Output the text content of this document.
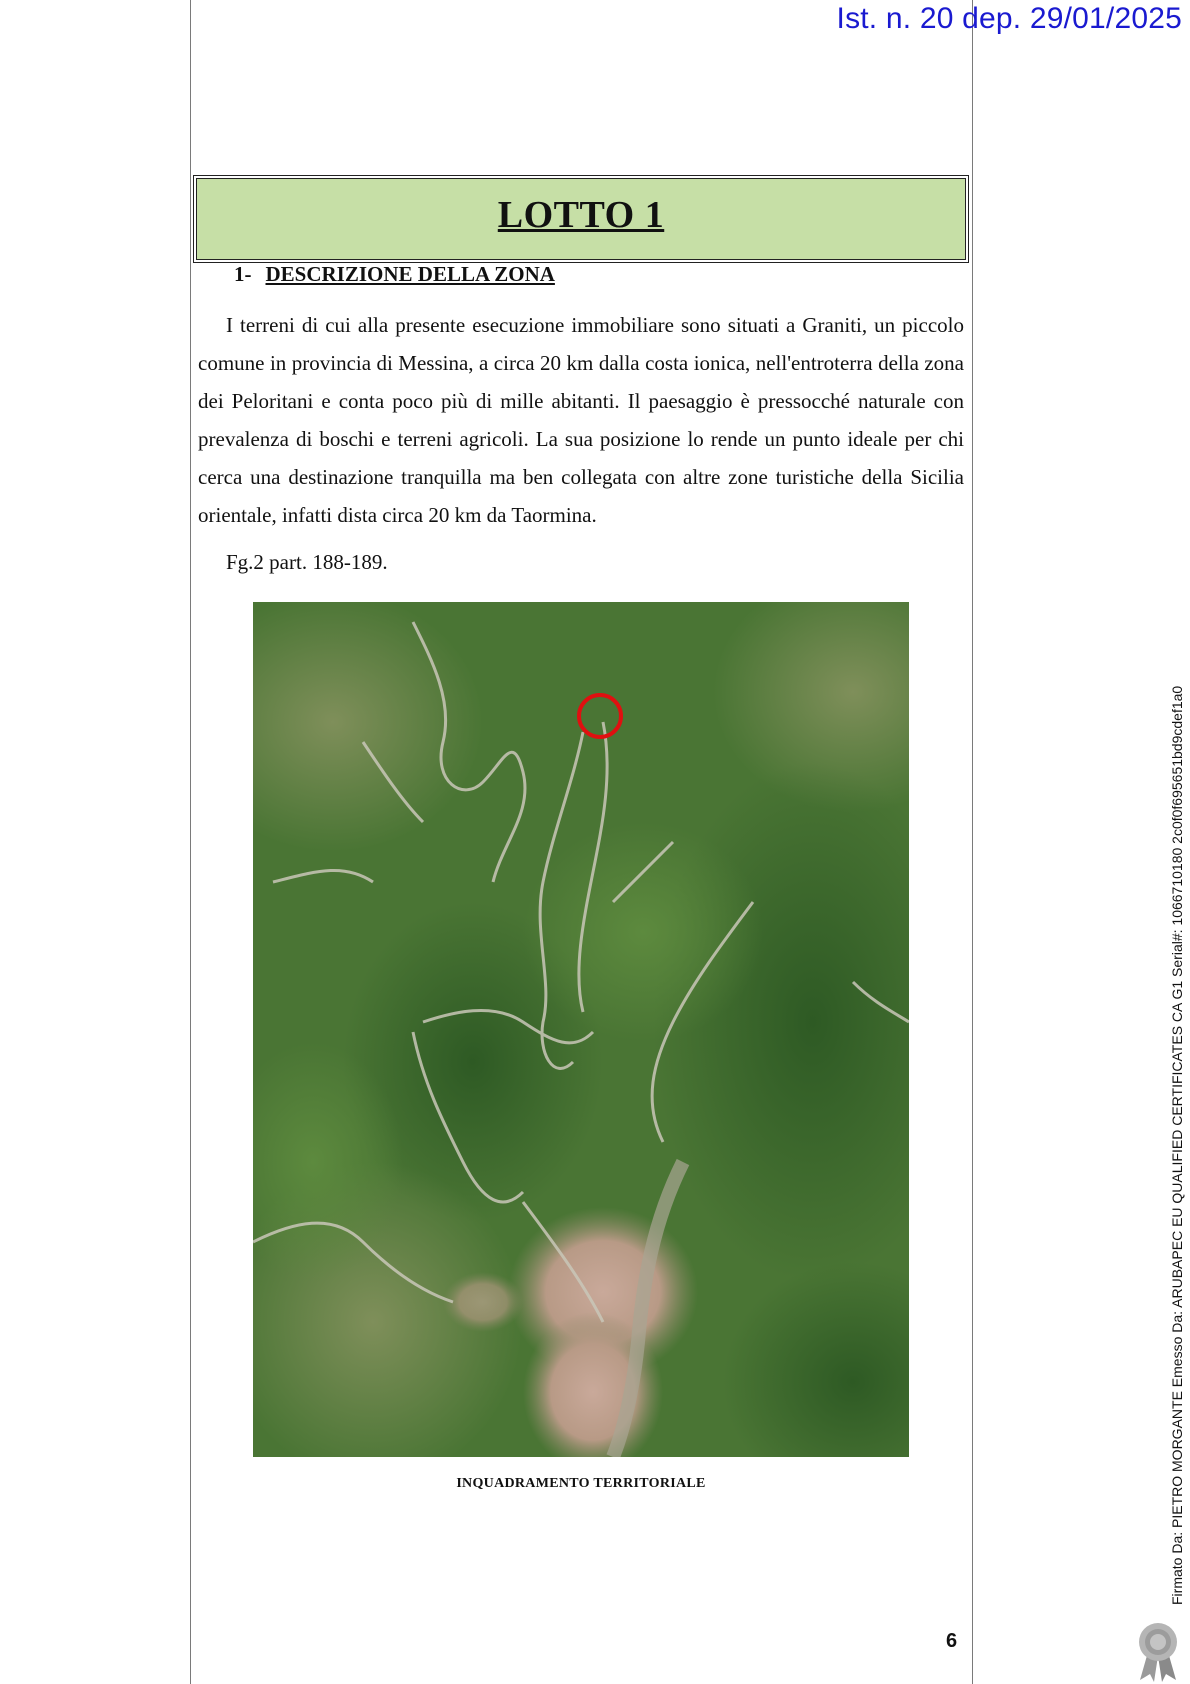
Ist. n. 20 dep. 29/01/2025
LOTTO 1
1- DESCRIZIONE DELLA ZONA

I terreni di cui alla presente esecuzione immobiliare sono situati a Graniti, un piccolo comune in provincia di Messina, a circa 20 km dalla costa ionica, nell'entroterra della zona dei Peloritani e conta poco più di mille abitanti. Il paesaggio è pressocché naturale con prevalenza di boschi e terreni agricoli. La sua posizione lo rende un punto ideale per chi cerca una destinazione tranquilla ma ben collegata con altre zone turistiche della Sicilia orientale, infatti dista circa 20 km da Taormina.

Fg.2 part. 188-189.
INQUADRAMENTO TERRITORIALE
6
Firmato Da: PIETRO MORGANTE Emesso Da: ARUBAPEC EU QUALIFIED CERTIFICATES CA G1 Serial#: 1066710180 2c0f0f695651bd9cdef1a0
